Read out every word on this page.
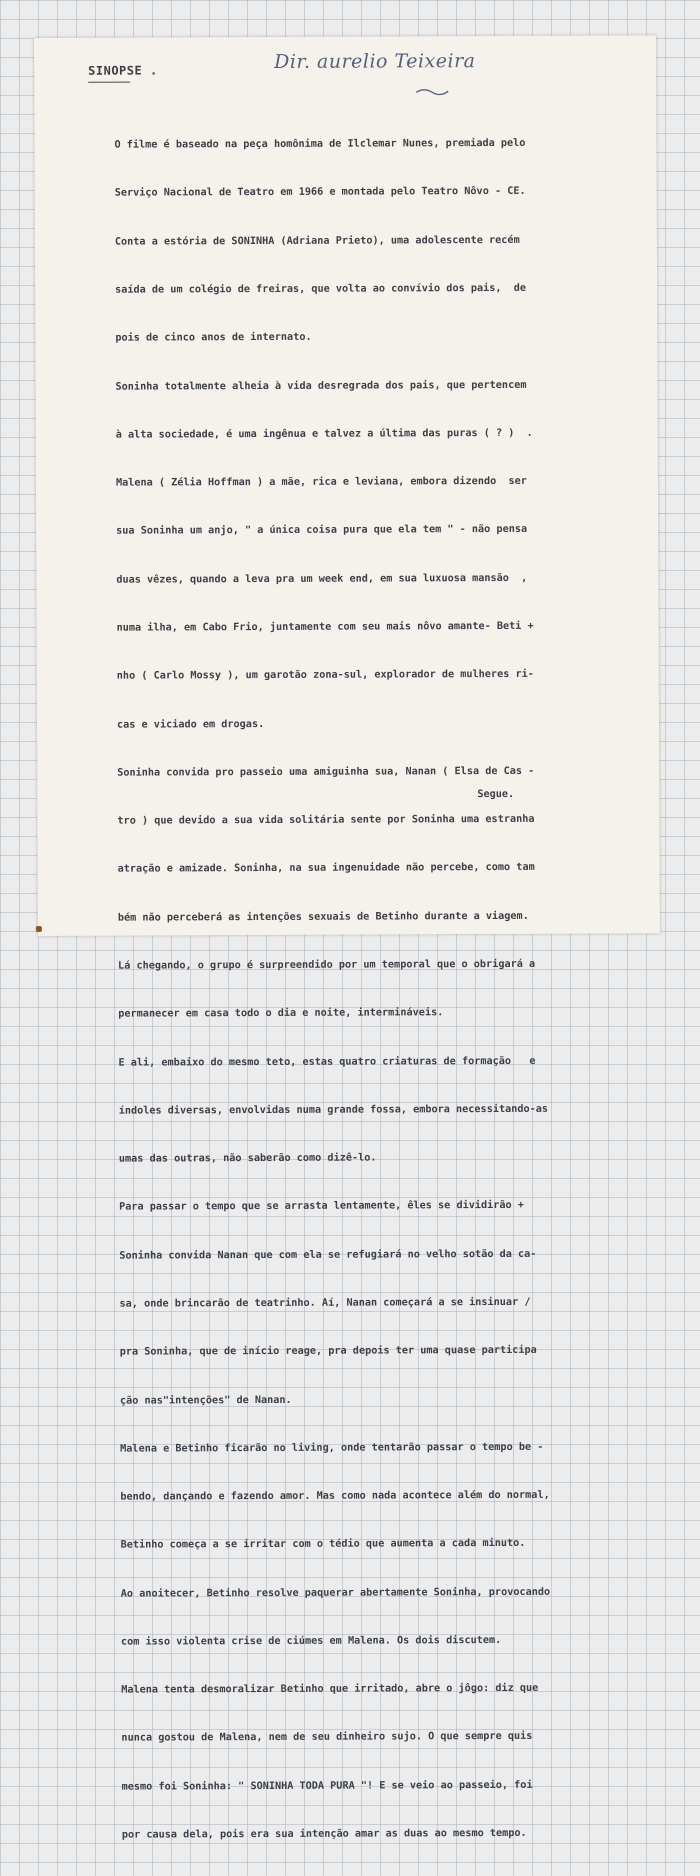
SINOPSE .	Dir. aurelio Teixeira

O filme é baseado na peça homônima de Ilclemar Nunes, premiada pelo

Serviço Nacional de Teatro em 1966 e montada pelo Teatro Nôvo - CE.

Conta a estória de SONINHA (Adriana Prieto), uma adolescente recém

saída de um colégio de freiras, que volta ao convívio dos pais,  de

pois de cinco anos de internato.

Soninha totalmente alheia à vida desregrada dos pais, que pertencem

à alta sociedade, é uma ingênua e talvez a última das puras ( ? )  .

Malena ( Zélia Hoffman ) a mãe, rica e leviana, embora dizendo  ser

sua Soninha um anjo, " a única coisa pura que ela tem " - não pensa

duas vêzes, quando a leva pra um week end, em sua luxuosa mansão  ,

numa ilha, em Cabo Frio, juntamente com seu mais nôvo amante- Beti +

nho ( Carlo Mossy ), um garotão zona-sul, explorador de mulheres ri-

cas e viciado em drogas.

Soninha convida pro passeio uma amiguinha sua, Nanan ( Elsa de Cas -

tro ) que devido a sua vida solitária sente por Soninha uma estranha

atração e amizade. Soninha, na sua ingenuidade não percebe, como tam

bém não perceberá as intenções sexuais de Betinho durante a viagem.

Lá chegando, o grupo é surpreendido por um temporal que o obrigará a

permanecer em casa todo o dia e noite, intermináveis.

E ali, embaixo do mesmo teto, estas quatro criaturas de formação   e

índoles diversas, envolvidas numa grande fossa, embora necessitando-as

umas das outras, não saberão como dizê-lo.

Para passar o tempo que se arrasta lentamente, êles se dividirão +

Soninha convida Nanan que com ela se refugiará no velho sotão da ca-

sa, onde brincarão de teatrinho. Aí, Nanan começará a se insinuar /

pra Soninha, que de início reage, pra depois ter uma quase participa

ção nas"intenções" de Nanan.

Malena e Betinho ficarão no living, onde tentarão passar o tempo be -

bendo, dançando e fazendo amor. Mas como nada acontece além do normal,

Betinho começa a se irritar com o tédio que aumenta a cada minuto.

Ao anoitecer, Betinho resolve paquerar abertamente Soninha, provocando

com isso violenta crise de ciúmes em Malena. Os dois discutem.

Malena tenta desmoralizar Betinho que irritado, abre o jôgo: diz que

nunca gostou de Malena, nem de seu dinheiro sujo. O que sempre quis

mesmo foi Soninha: " SONINHA TODA PURA "! E se veio ao passeio, foi

por causa dela, pois era sua intenção amar as duas ao mesmo tempo.

Segue.
